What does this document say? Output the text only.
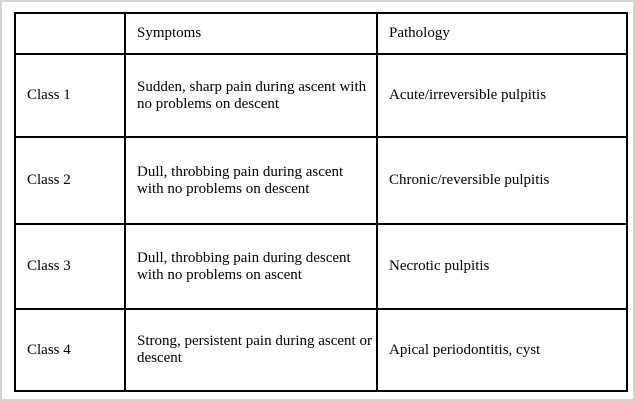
	Symptoms	Pathology
Class 1	Sudden, sharp pain during ascent with no problems on descent	Acute/irreversible pulpitis
Class 2	Dull, throbbing pain during ascent with no problems on descent	Chronic/reversible pulpitis
Class 3	Dull, throbbing pain during descent with no problems on ascent	Necrotic pulpitis
Class 4	Strong, persistent pain during ascent or descent	Apical periodontitis, cyst
